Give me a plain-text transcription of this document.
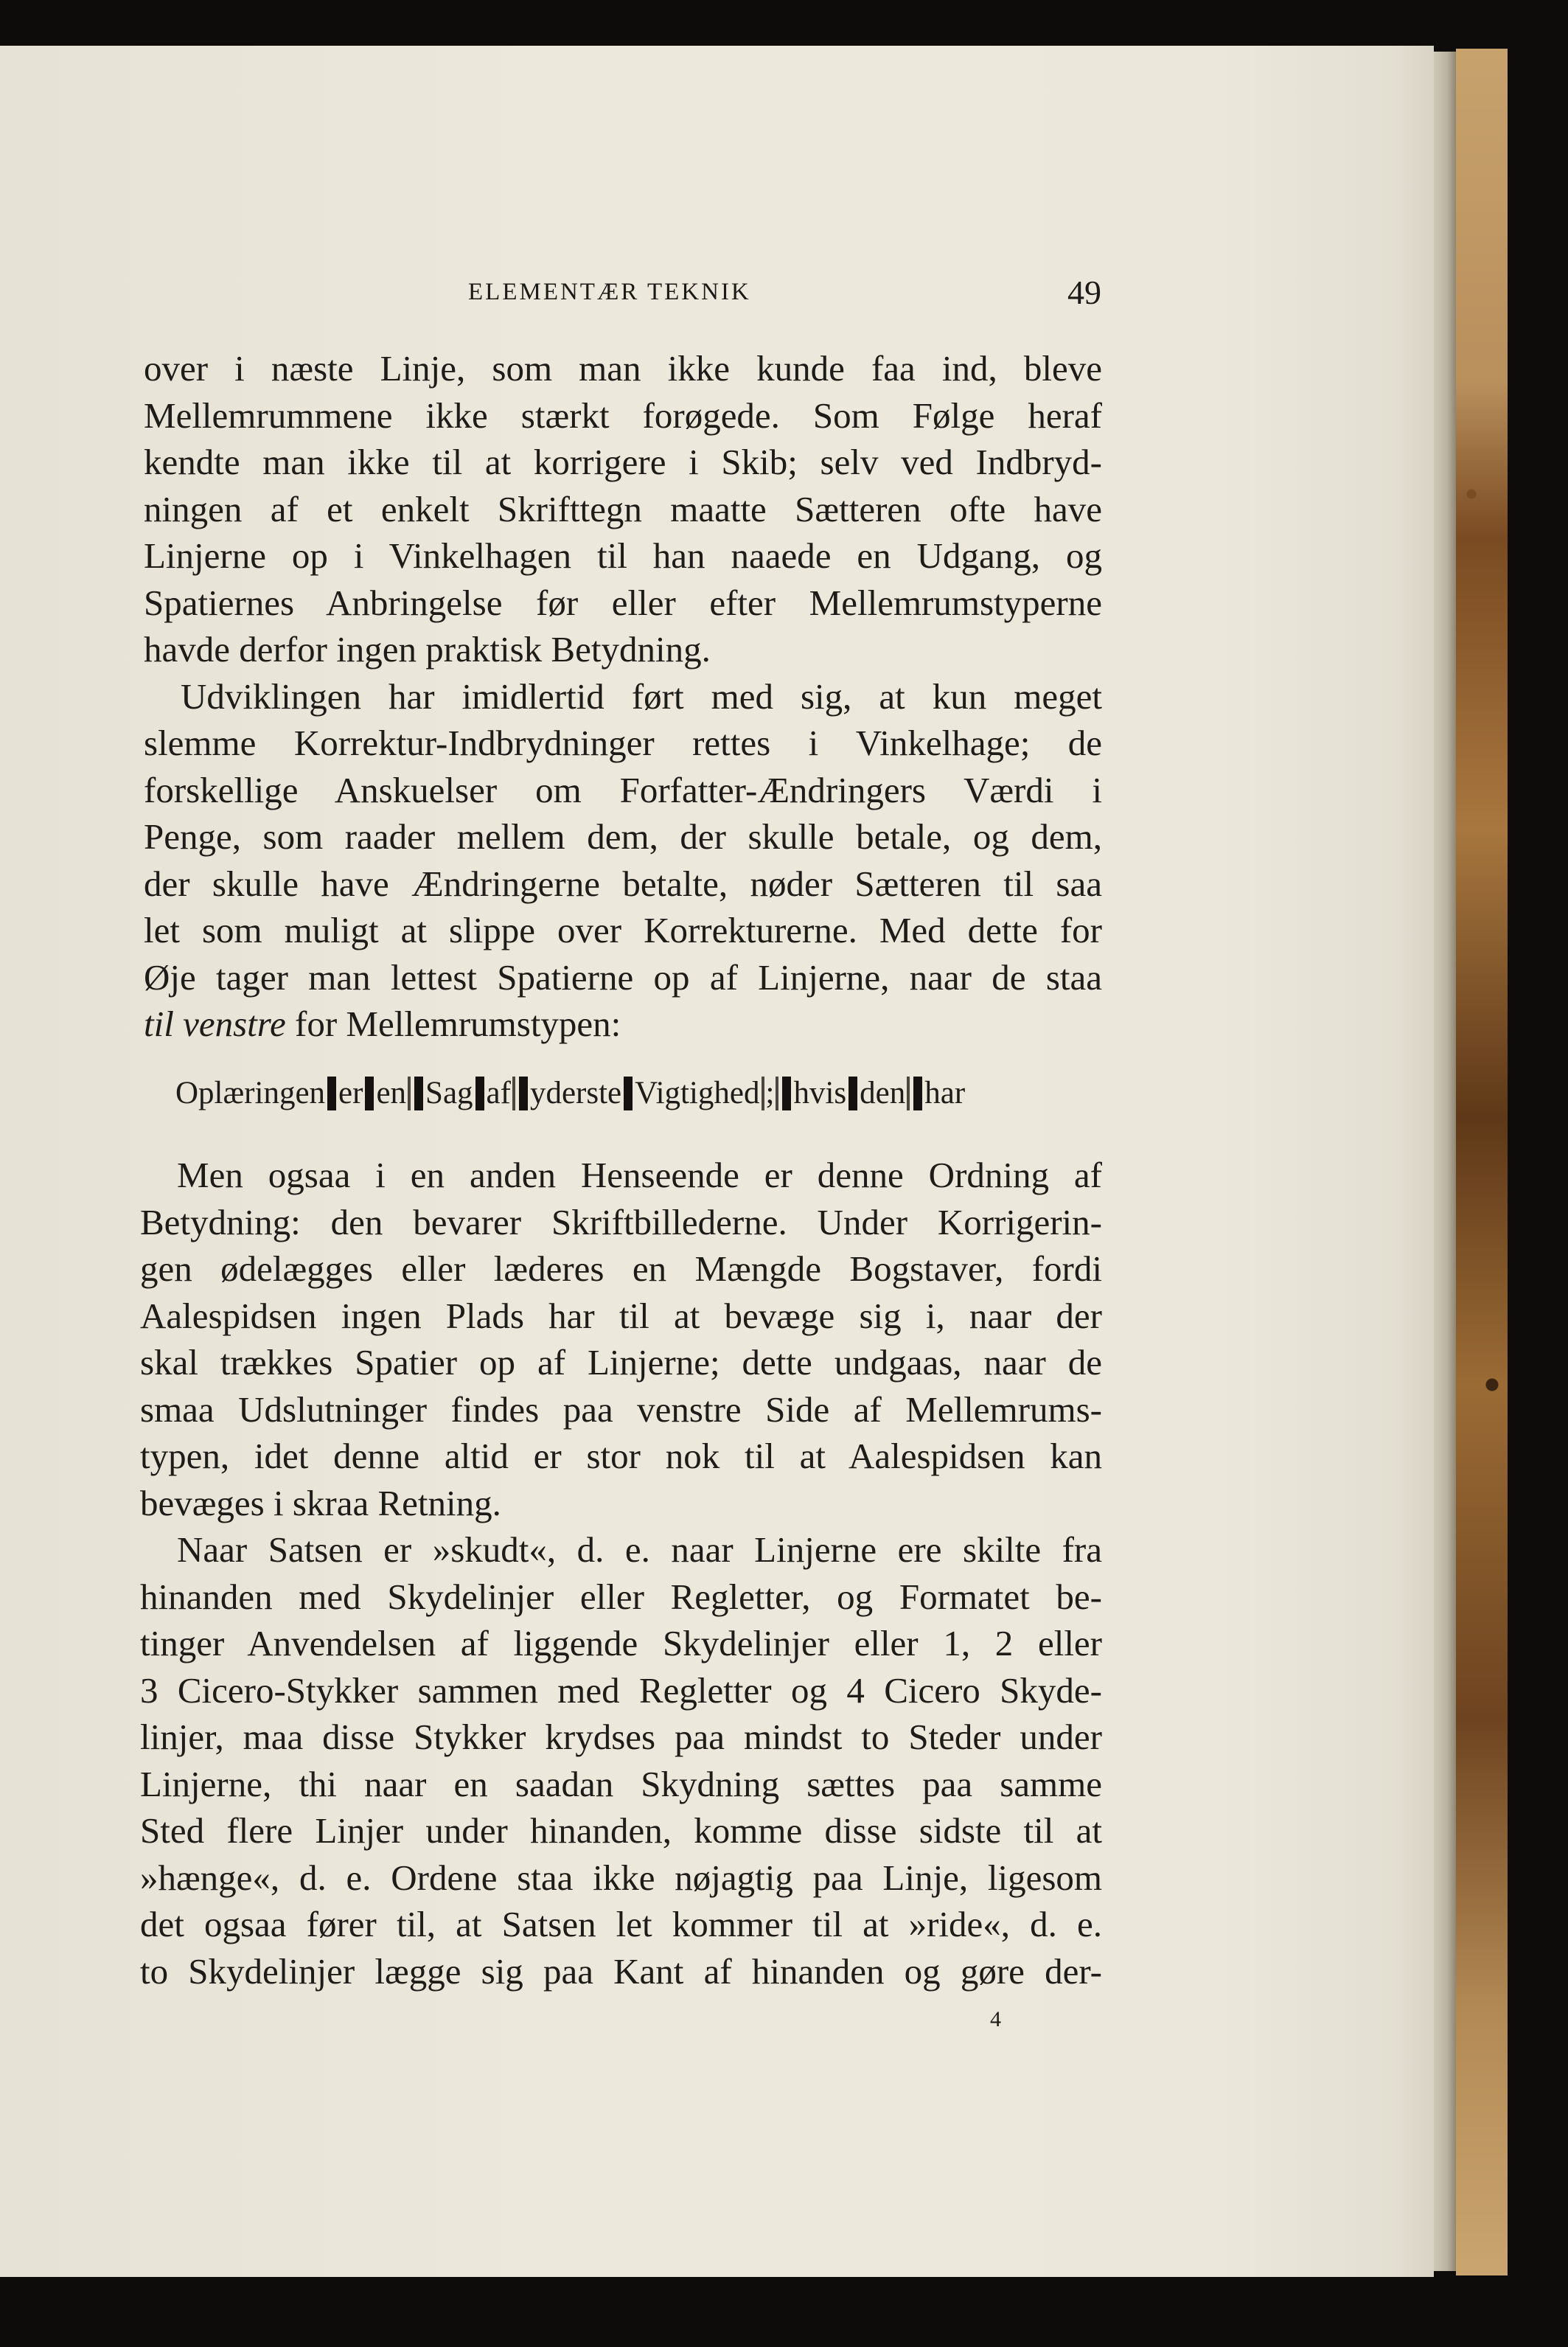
ELEMENTÆR TEKNIK	49
over i næste Linje, som man ikke kunde faa ind, bleve
Mellemrummene ikke stærkt forøgede. Som Følge heraf
kendte man ikke til at korrigere i Skib; selv ved Indbryd-
ningen af et enkelt Skrifttegn maatte Sætteren ofte have
Linjerne op i Vinkelhagen til han naaede en Udgang, og
Spatiernes Anbringelse før eller efter Mellemrumstyperne
havde derfor ingen praktisk Betydning.
Udviklingen har imidlertid ført med sig, at kun meget
slemme Korrektur-Indbrydninger rettes i Vinkelhage; de
forskellige Anskuelser om Forfatter-Ændringers Værdi i
Penge, som raader mellem dem, der skulle betale, og dem,
der skulle have Ændringerne betalte, nøder Sætteren til saa
let som muligt at slippe over Korrekturerne. Med dette for
Øje tager man lettest Spatierne op af Linjerne, naar de staa
til venstre for Mellemrumstypen:
Oplæringen er en Sag af yderste Vigtighed ; hvis den har
Men ogsaa i en anden Henseende er denne Ordning af
Betydning: den bevarer Skriftbillederne. Under Korrigerin-
gen ødelægges eller læderes en Mængde Bogstaver, fordi
Aalespidsen ingen Plads har til at bevæge sig i, naar der
skal trækkes Spatier op af Linjerne; dette undgaas, naar de
smaa Udslutninger findes paa venstre Side af Mellemrums-
typen, idet denne altid er stor nok til at Aalespidsen kan
bevæges i skraa Retning.
Naar Satsen er »skudt«, d. e. naar Linjerne ere skilte fra
hinanden med Skydelinjer eller Regletter, og Formatet be-
tinger Anvendelsen af liggende Skydelinjer eller 1, 2 eller
3 Cicero-Stykker sammen med Regletter og 4 Cicero Skyde-
linjer, maa disse Stykker krydses paa mindst to Steder under
Linjerne, thi naar en saadan Skydning sættes paa samme
Sted flere Linjer under hinanden, komme disse sidste til at
»hænge«, d. e. Ordene staa ikke nøjagtig paa Linje, ligesom
det ogsaa fører til, at Satsen let kommer til at »ride«, d. e.
to Skydelinjer lægge sig paa Kant af hinanden og gøre der-
4
